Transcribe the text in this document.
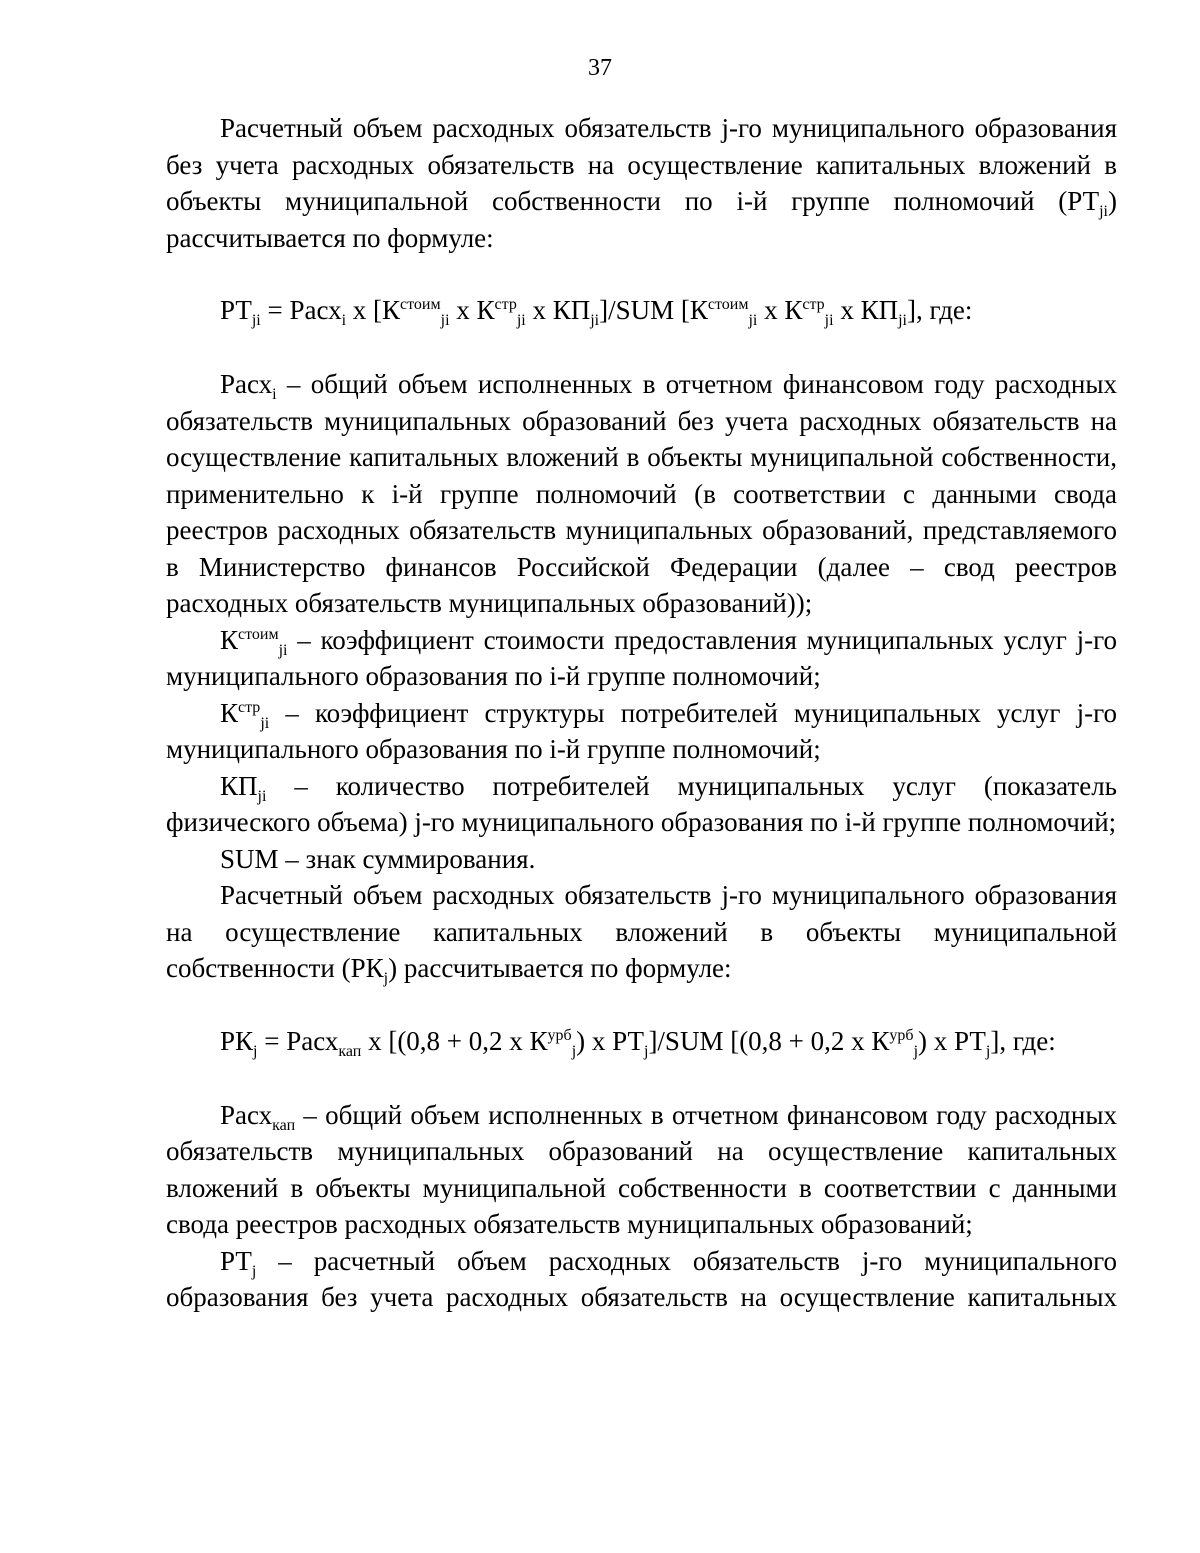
37

Расчетный объем расходных обязательств j-го муниципального образования без учета расходных обязательств на осуществление капитальных вложений в объекты муниципальной собственности по i-й группе полномочий $(РТ_{ji})$ рассчитывается по формуле:

$РТ_{ji}$ = Расх$_i$ x [$К^{стоим}_{ji}$ x $К^{стр}_{ji}$ x $КП_{ji}$]/SUM [$К^{стоим}_{ji}$ x $К^{стр}_{ji}$ x $КП_{ji}$], где:

Расх$_i$ – общий объем исполненных в отчетном финансовом году расходных обязательств муниципальных образований без учета расходных обязательств на осуществление капитальных вложений в объекты муниципальной собственности, применительно к i-й группе полномочий (в соответствии с данными свода реестров расходных обязательств муниципальных образований, представляемого в Министерство финансов Российской Федерации (далее – свод реестров расходных обязательств муниципальных образований));

$К^{стоим}_{ji}$ – коэффициент стоимости предоставления муниципальных услуг j-го муниципального образования по i-й группе полномочий;

$К^{стр}_{ji}$ – коэффициент структуры потребителей муниципальных услуг j-го муниципального образования по i-й группе полномочий;

$КП_{ji}$ – количество потребителей муниципальных услуг (показатель физического объема) j-го муниципального образования по i-й группе полномочий;

SUM – знак суммирования.

Расчетный объем расходных обязательств j-го муниципального образования на осуществление капитальных вложений в объекты муниципальной собственности $(РК_j)$ рассчитывается по формуле:

$РК_j$ = Расх$_{кап}$ x [(0,8 + 0,2 x $К^{урб}_j$) x $РТ_j$]/SUM [(0,8 + 0,2 x $К^{урб}_j$) x $РТ_j$], где:

Расх$_{кап}$ – общий объем исполненных в отчетном финансовом году расходных обязательств муниципальных образований на осуществление капитальных вложений в объекты муниципальной собственности в соответствии с данными свода реестров расходных обязательств муниципальных образований;

$РТ_j$ – расчетный объем расходных обязательств j-го муниципального образования без учета расходных обязательств на осуществление капитальных
